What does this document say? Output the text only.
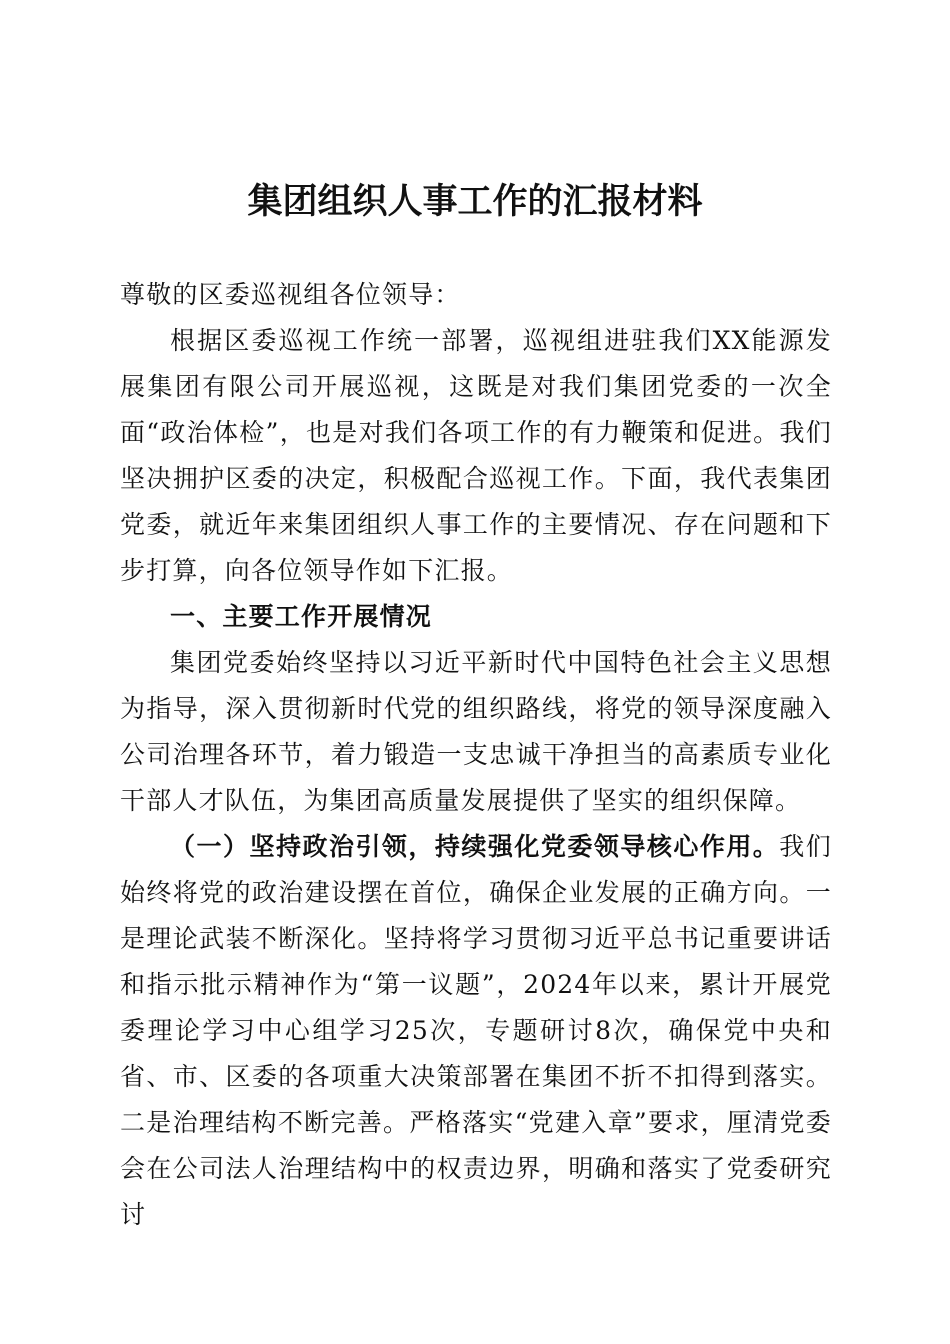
集团组织人事工作的汇报材料

尊敬的区委巡视组各位领导：

根据区委巡视工作统一部署，巡视组进驻我们XX能源发展集团有限公司开展巡视，这既是对我们集团党委的一次全面“政治体检”，也是对我们各项工作的有力鞭策和促进。我们坚决拥护区委的决定，积极配合巡视工作。下面，我代表集团党委，就近年来集团组织人事工作的主要情况、存在问题和下步打算，向各位领导作如下汇报。

一、主要工作开展情况

集团党委始终坚持以习近平新时代中国特色社会主义思想为指导，深入贯彻新时代党的组织路线，将党的领导深度融入公司治理各环节，着力锻造一支忠诚干净担当的高素质专业化干部人才队伍，为集团高质量发展提供了坚实的组织保障。

（一）坚持政治引领，持续强化党委领导核心作用。我们始终将党的政治建设摆在首位，确保企业发展的正确方向。一是理论武装不断深化。坚持将学习贯彻习近平总书记重要讲话和指示批示精神作为“第一议题”，2024年以来，累计开展党委理论学习中心组学习25次，专题研讨8次，确保党中央和省、市、区委的各项重大决策部署在集团不折不扣得到落实。二是治理结构不断完善。严格落实“党建入章”要求，厘清党委会在公司法人治理结构中的权责边界，明确和落实了党委研究讨
